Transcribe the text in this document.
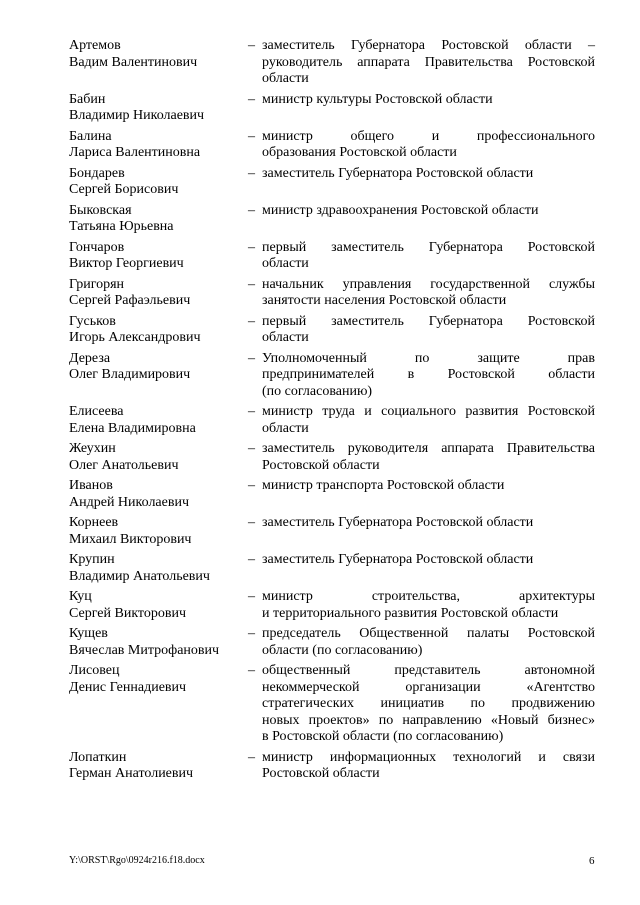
Артемов
Вадим Валентинович
– заместитель Губернатора Ростовской области –
руководитель аппарата Правительства Ростовской
области
Бабин
Владимир Николаевич
– министр культуры Ростовской области
Балина
Лариса Валентиновна
– министр общего и профессионального
образования Ростовской области
Бондарев
Сергей Борисович
– заместитель Губернатора Ростовской области
Быковская
Татьяна Юрьевна
– министр здравоохранения Ростовской области
Гончаров
Виктор Георгиевич
– первый заместитель Губернатора Ростовской
области
Григорян
Сергей Рафаэльевич
– начальник управления государственной службы
занятости населения Ростовской области
Гуськов
Игорь Александрович
– первый заместитель Губернатора Ростовской
области
Дереза
Олег Владимирович
– Уполномоченный по защите прав
предпринимателей в Ростовской области
(по согласованию)
Елисеева
Елена Владимировна
– министр труда и социального развития Ростовской
области
Жеухин
Олег Анатольевич
– заместитель руководителя аппарата Правительства
Ростовской области
Иванов
Андрей Николаевич
– министр транспорта Ростовской области
Корнеев
Михаил Викторович
– заместитель Губернатора Ростовской области
Крупин
Владимир Анатольевич
– заместитель Губернатора Ростовской области
Куц
Сергей Викторович
– министр строительства, архитектуры
и территориального развития Ростовской области
Кущев
Вячеслав Митрофанович
– председатель Общественной палаты Ростовской
области (по согласованию)
Лисовец
Денис Геннадиевич
– общественный представитель автономной
некоммерческой организации «Агентство
стратегических инициатив по продвижению
новых проектов» по направлению «Новый бизнес»
в Ростовской области (по согласованию)
Лопаткин
Герман Анатолиевич
– министр информационных технологий и связи
Ростовской области
Y:\ORST\Rgo\0924r216.f18.docx	6
